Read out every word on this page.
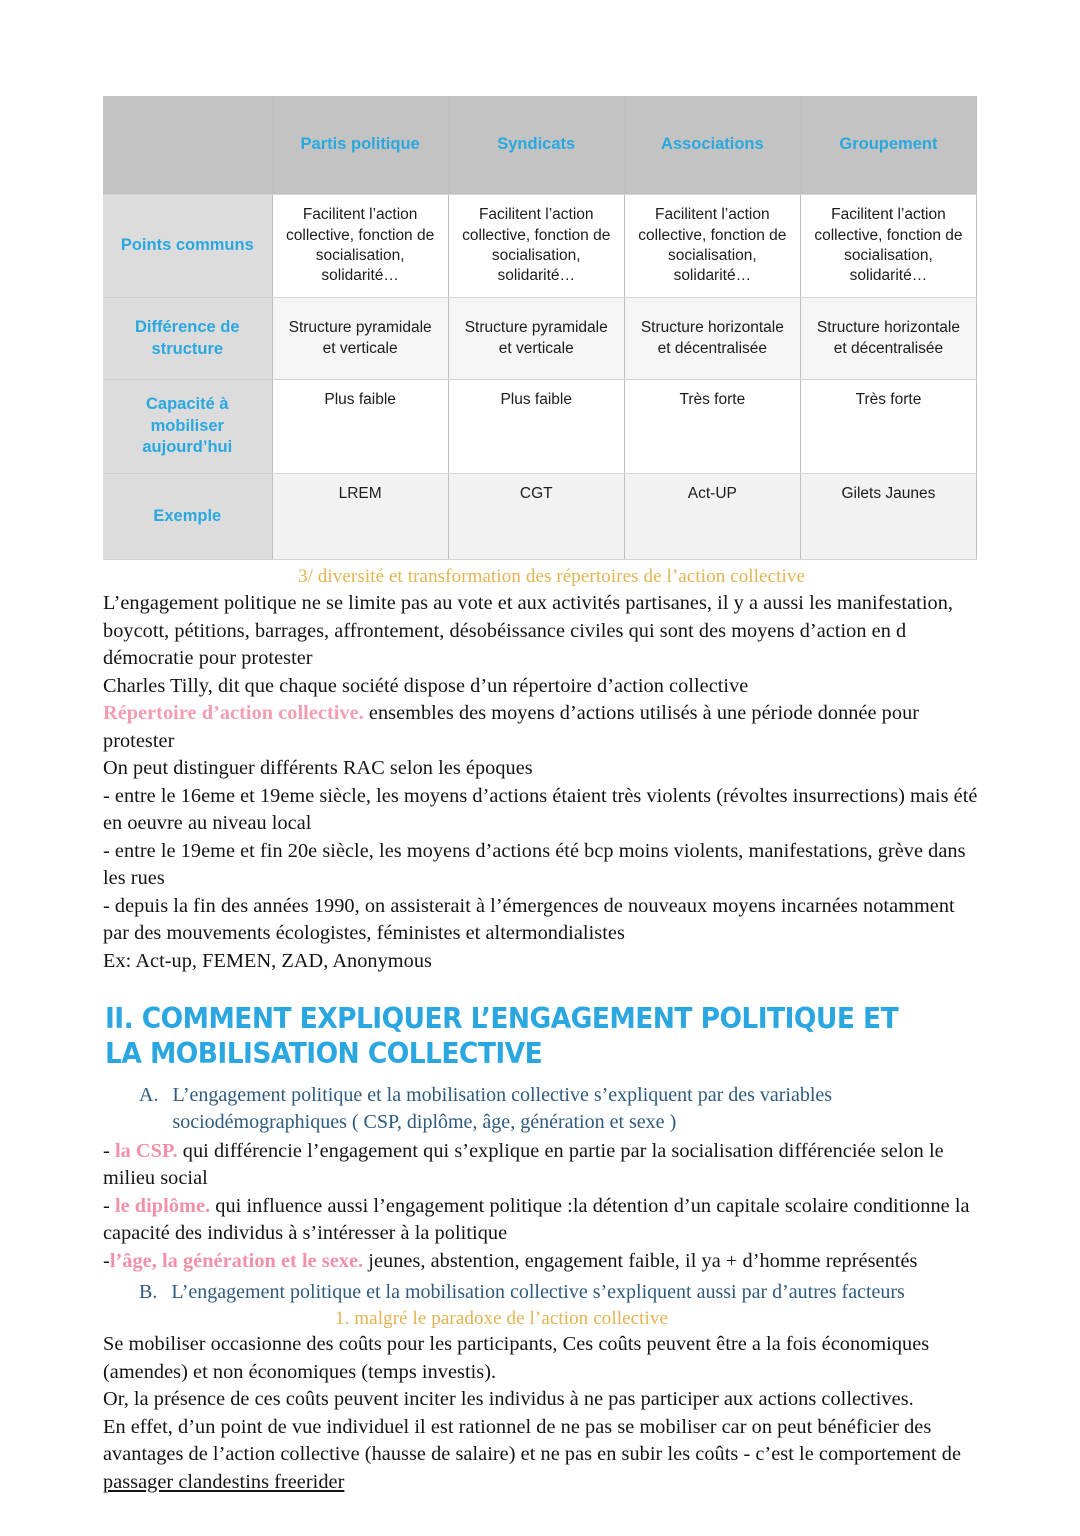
	Partis politique	Syndicats	Associations	Groupement
Points communs	Facilitent l’action collective, fonction de socialisation, solidarité…	Facilitent l’action collective, fonction de socialisation, solidarité…	Facilitent l’action collective, fonction de socialisation, solidarité…	Facilitent l’action collective, fonction de socialisation, solidarité…
Différence de structure	Structure pyramidale et verticale	Structure pyramidale et verticale	Structure horizontale et décentralisée	Structure horizontale et décentralisée
Capacité à mobiliser aujourd’hui	Plus faible	Plus faible	Très forte	Très forte
Exemple	LREM	CGT	Act-UP	Gilets Jaunes
3/ diversité et transformation des répertoires de l’action collective

L’engagement politique ne se limite pas au vote et aux activités partisanes, il y a aussi les manifestation, boycott, pétitions, barrages, affrontement, désobéissance civiles qui sont des moyens d’action en d démocratie pour protester

Charles Tilly, dit que chaque société dispose d’un répertoire d’action collective

Répertoire d’action collective. ensembles des moyens d’actions utilisés à une période donnée pour protester

On peut distinguer différents RAC selon les époques

- entre le 16eme et 19eme siècle, les moyens d’actions étaient très violents (révoltes insurrections) mais été en oeuvre au niveau local

- entre le 19eme et fin 20e siècle, les moyens d’actions été bcp moins violents, manifestations, grève dans les rues

- depuis la fin des années 1990, on assisterait à l’émergences de nouveaux moyens incarnées notamment par des mouvements écologistes, féministes et altermondialistes

Ex: Act-up, FEMEN, ZAD, Anonymous

II. COMMENT EXPLIQUER L’ENGAGEMENT POLITIQUE ET LA MOBILISATION COLLECTIVE
A. L’engagement politique et la mobilisation collective s’expliquent par des variables sociodémographiques ( CSP, diplôme, âge, génération et sexe )

- la CSP. qui différencie l’engagement qui s’explique en partie par la socialisation différenciée selon le milieu social

- le diplôme. qui influence aussi l’engagement politique :la détention d’un capitale scolaire conditionne la capacité des individus à s’intéresser à la politique

-l’âge, la génération et le sexe. jeunes, abstention, engagement faible, il ya + d’homme représentés

B. L’engagement politique et la mobilisation collective s’expliquent aussi par d’autres facteurs
1. malgré le paradoxe de l’action collective

Se mobiliser occasionne des coûts pour les participants, Ces coûts peuvent être a la fois économiques (amendes) et non économiques (temps investis).

Or, la présence de ces coûts peuvent inciter les individus à ne pas participer aux actions collectives.

En effet, d’un point de vue individuel il est rationnel de ne pas se mobiliser car on peut bénéficier des avantages de l’action collective (hausse de salaire) et ne pas en subir les coûts - c’est le comportement de passager clandestins freerider
